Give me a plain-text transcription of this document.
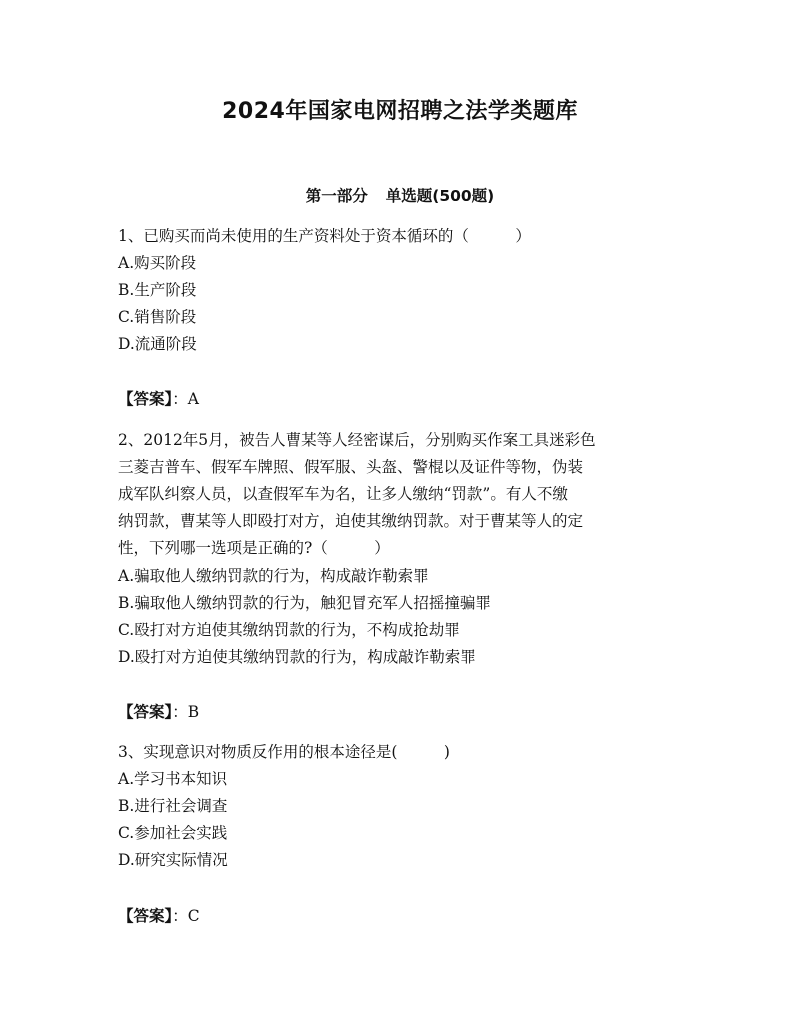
2024年国家电网招聘之法学类题库
第一部分 单选题(500题)
1、已购买而尚未使用的生产资料处于资本循环的（　　　）
A.购买阶段
B.生产阶段
C.销售阶段
D.流通阶段
【答案】：A
2、2012年5月，被告人曹某等人经密谋后，分别购买作案工具迷彩色
三菱吉普车、假军车牌照、假军服、头盔、警棍以及证件等物，伪装
成军队纠察人员，以查假军车为名，让多人缴纳“罚款”。有人不缴
纳罚款，曹某等人即殴打对方，迫使其缴纳罚款。对于曹某等人的定
性，下列哪一选项是正确的?（　　　）
A.骗取他人缴纳罚款的行为，构成敲诈勒索罪
B.骗取他人缴纳罚款的行为，触犯冒充军人招摇撞骗罪
C.殴打对方迫使其缴纳罚款的行为，不构成抢劫罪
D.殴打对方迫使其缴纳罚款的行为，构成敲诈勒索罪
【答案】：B
3、实现意识对物质反作用的根本途径是(　　　)
A.学习书本知识
B.进行社会调查
C.参加社会实践
D.研究实际情况
【答案】：C
